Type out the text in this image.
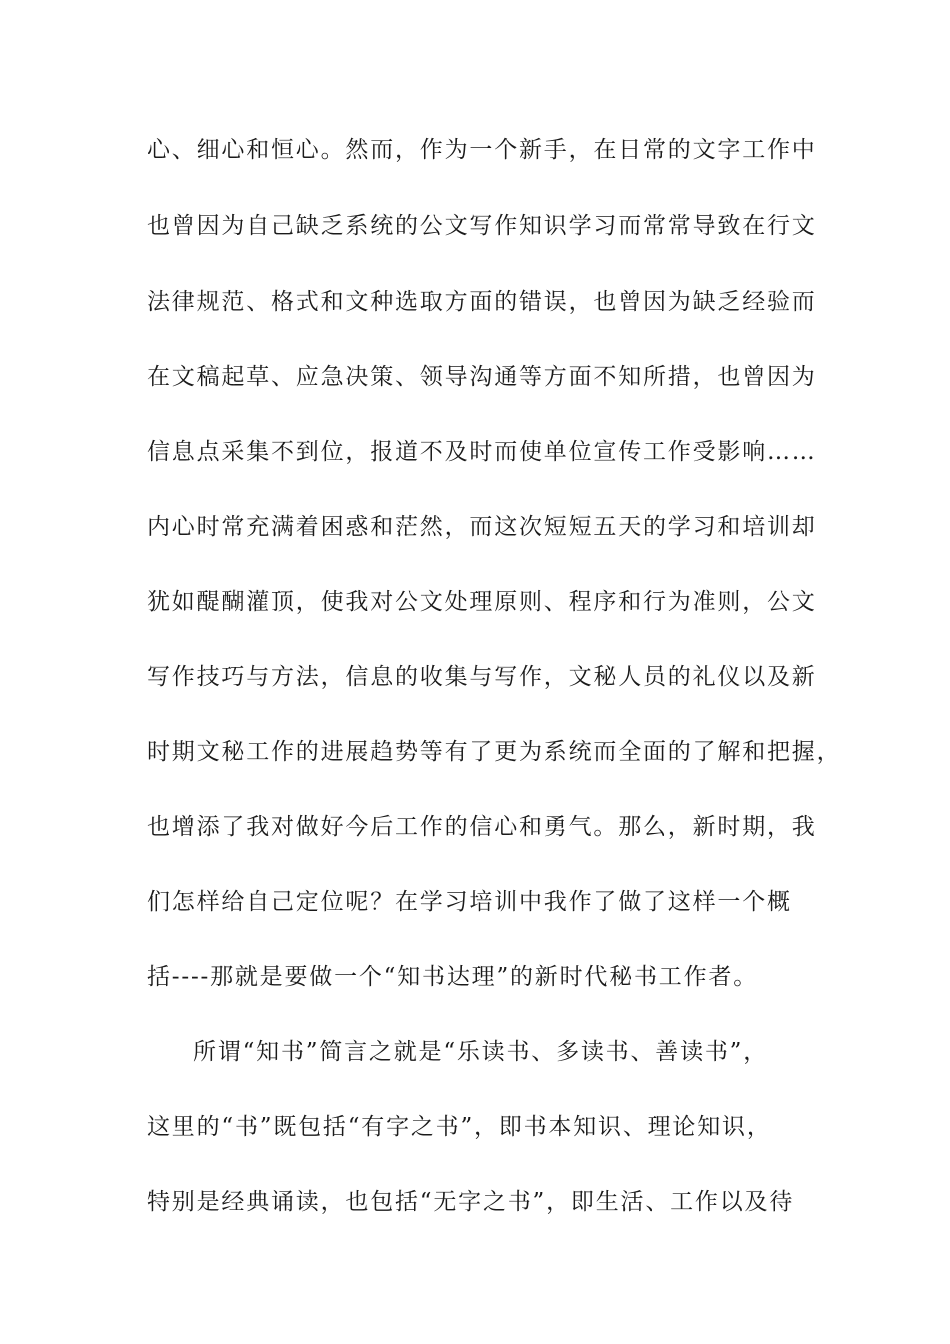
心、细心和恒心。然而，作为一个新手，在日常的文字工作中
也曾因为自己缺乏系统的公文写作知识学习而常常导致在行文
法律规范、格式和文种选取方面的错误，也曾因为缺乏经验而
在文稿起草、应急决策、领导沟通等方面不知所措，也曾因为
信息点采集不到位，报道不及时而使单位宣传工作受影响……
内心时常充满着困惑和茫然，而这次短短五天的学习和培训却
犹如醍醐灌顶，使我对公文处理原则、程序和行为准则，公文
写作技巧与方法，信息的收集与写作，文秘人员的礼仪以及新
时期文秘工作的进展趋势等有了更为系统而全面的了解和把握，
也增添了我对做好今后工作的信心和勇气。那么，新时期，我
们怎样给自己定位呢？在学习培训中我作了做了这样一个概
括----那就是要做一个“知书达理”的新时代秘书工作者。
所谓“知书”简言之就是“乐读书、多读书、善读书”，
这里的“书”既包括“有字之书”，即书本知识、理论知识，
特别是经典诵读，也包括“无字之书”，即生活、工作以及待
